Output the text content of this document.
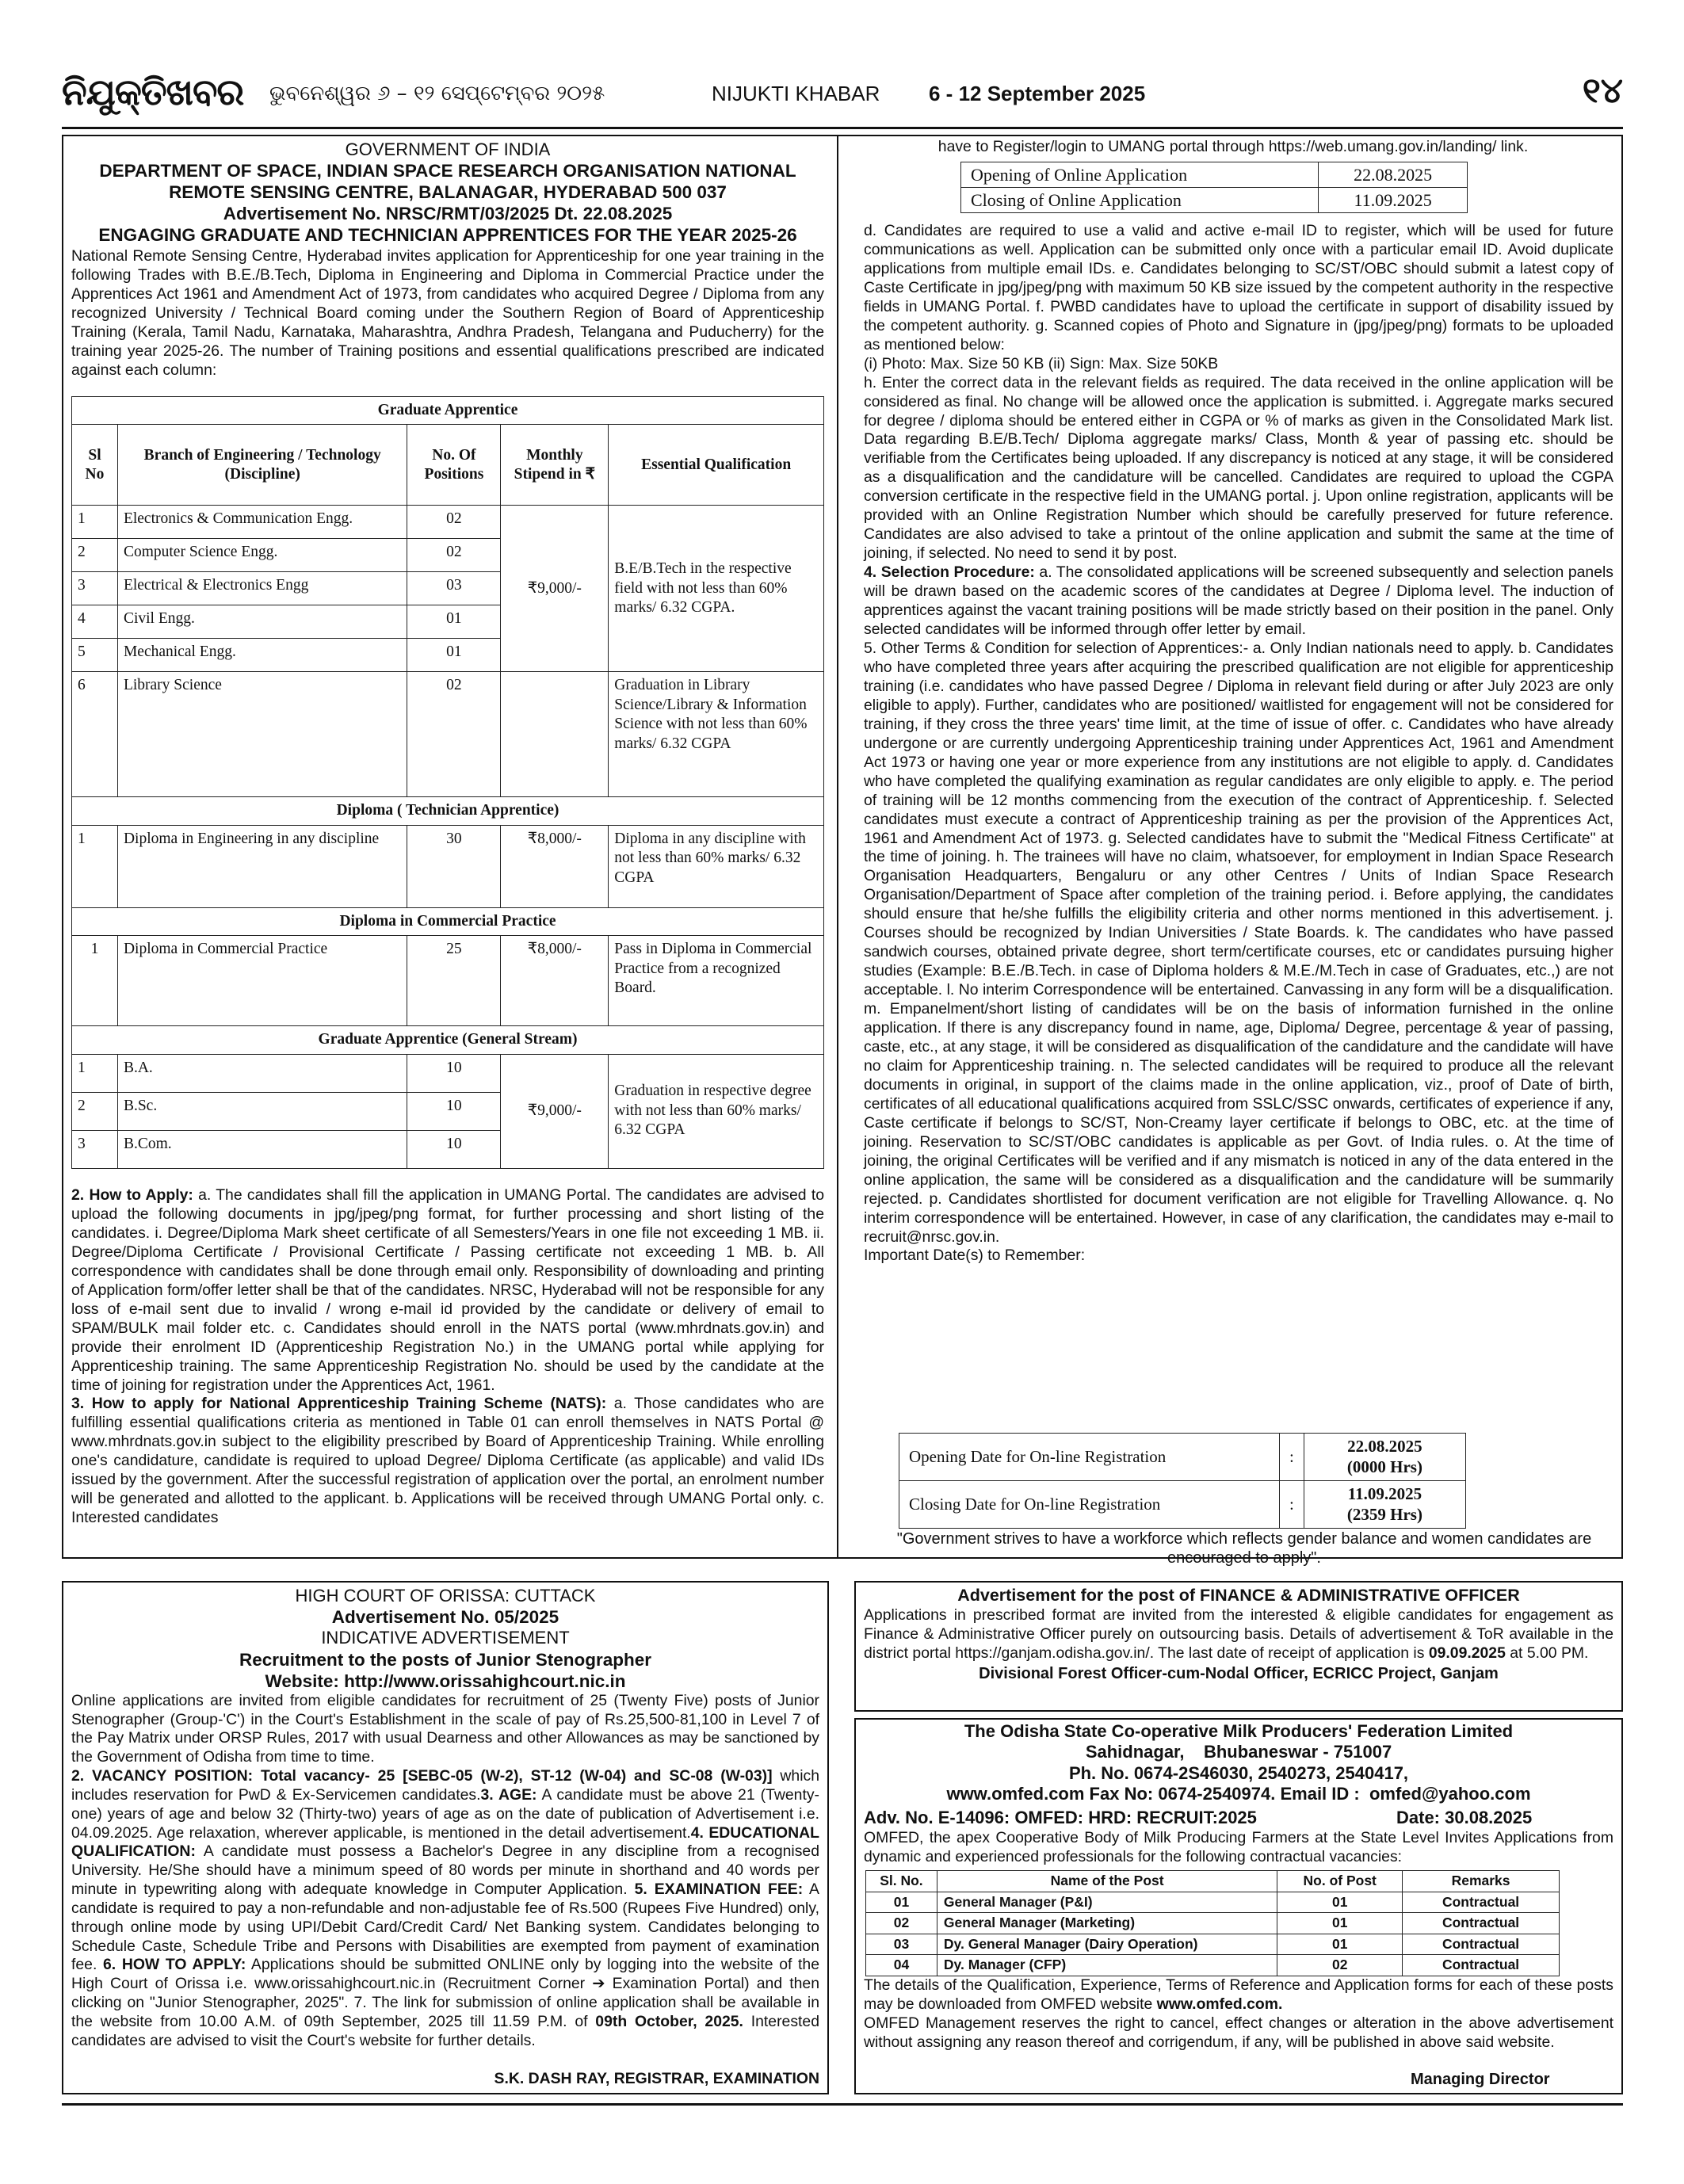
ନିଯୁକ୍ତିଖବର ଭୁବନେଶ୍ୱର ୬ – ୧୨ ସେପ୍ଟେମ୍ବର ୨୦୨୫	NIJUKTI KHABAR 6 - 12 September 2025	୧୪
GOVERNMENT OF INDIA
DEPARTMENT OF SPACE, INDIAN SPACE RESEARCH ORGANISATION NATIONAL
REMOTE SENSING CENTRE, BALANAGAR, HYDERABAD 500 037
Advertisement No. NRSC/RMT/03/2025 Dt. 22.08.2025
ENGAGING GRADUATE AND TECHNICIAN APPRENTICES FOR THE YEAR 2025-26

National Remote Sensing Centre, Hyderabad invites application for Apprenticeship for one year training in the following Trades with B.E./B.Tech, Diploma in Engineering and Diploma in Commercial Practice under the Apprentices Act 1961 and Amendment Act of 1973, from candidates who acquired Degree / Diploma from any recognized University / Technical Board coming under the Southern Region of Board of Apprenticeship Training (Kerala, Tamil Nadu, Karnataka, Maharashtra, Andhra Pradesh, Telangana and Puducherry) for the training year 2025-26. The number of Training positions and essential qualifications prescribed are indicated against each column:

Graduate Apprentice				
Sl No	Branch of Engineering / Technology (Discipline)	No. Of Positions	Monthly Stipend in ₹	Essential Qualification
1	Electronics & Communication Engg.	02	₹9,000/-	B.E/B.Tech in the respective field with not less than 60% marks/ 6.32 CGPA.
2	Computer Science Engg.	02		
3	Electrical & Electronics Engg	03		
4	Civil Engg.	01		
5	Mechanical Engg.	01		
6	Library Science	02		Graduation in Library Science/Library & Information Science with not less than 60% marks/ 6.32 CGPA
Diploma ( Technician Apprentice)				
1	Diploma in Engineering in any discipline	30	₹8,000/-	Diploma in any discipline with not less than 60% marks/ 6.32 CGPA
Diploma in Commercial Practice				
1	Diploma in Commercial Practice	25	₹8,000/-	Pass in Diploma in Commercial Practice from a recognized Board.
Graduate Apprentice (General Stream)				
1	B.A.	10	₹9,000/-	Graduation in respective degree with not less than 60% marks/ 6.32 CGPA
2	B.Sc.	10		
3	B.Com.	10		

2. How to Apply: a. The candidates shall fill the application in UMANG Portal. The candidates are advised to upload the following documents in jpg/jpeg/png format, for further processing and short listing of the candidates. i. Degree/Diploma Mark sheet certificate of all Semesters/Years in one file not exceeding 1 MB. ii. Degree/Diploma Certificate / Provisional Certificate / Passing certificate not exceeding 1 MB. b. All correspondence with candidates shall be done through email only. Responsibility of downloading and printing of Application form/offer letter shall be that of the candidates. NRSC, Hyderabad will not be responsible for any loss of e-mail sent due to invalid / wrong e-mail id provided by the candidate or delivery of email to SPAM/BULK mail folder etc. c. Candidates should enroll in the NATS portal (www.mhrdnats.gov.in) and provide their enrolment ID (Apprenticeship Registration No.) in the UMANG portal while applying for Apprenticeship training. The same Apprenticeship Registration No. should be used by the candidate at the time of joining for registration under the Apprentices Act, 1961.

3. How to apply for National Apprenticeship Training Scheme (NATS): a. Those candidates who are fulfilling essential qualifications criteria as mentioned in Table 01 can enroll themselves in NATS Portal @ www.mhrdnats.gov.in subject to the eligibility prescribed by Board of Apprenticeship Training. While enrolling one's candidature, candidate is required to upload Degree/ Diploma Certificate (as applicable) and valid IDs issued by the government. After the successful registration of application over the portal, an enrolment number will be generated and allotted to the applicant. b. Applications will be received through UMANG Portal only. c. Interested candidates

have to Register/login to UMANG portal through https://web.umang.gov.in/landing/ link.
Opening of Online Application	22.08.2025
Closing of Online Application	11.09.2025

d. Candidates are required to use a valid and active e-mail ID to register, which will be used for future communications as well. Application can be submitted only once with a particular email ID. Avoid duplicate applications from multiple email IDs. e. Candidates belonging to SC/ST/OBC should submit a latest copy of Caste Certificate in jpg/jpeg/png with maximum 50 KB size issued by the competent authority in the respective fields in UMANG Portal. f. PWBD candidates have to upload the certificate in support of disability issued by the competent authority. g. Scanned copies of Photo and Signature in (jpg/jpeg/png) formats to be uploaded as mentioned below:

(i) Photo: Max. Size 50 KB (ii) Sign: Max. Size 50KB

h. Enter the correct data in the relevant fields as required. The data received in the online application will be considered as final. No change will be allowed once the application is submitted. i. Aggregate marks secured for degree / diploma should be entered either in CGPA or % of marks as given in the Consolidated Mark list. Data regarding B.E/B.Tech/ Diploma aggregate marks/ Class, Month & year of passing etc. should be verifiable from the Certificates being uploaded. If any discrepancy is noticed at any stage, it will be considered as a disqualification and the candidature will be cancelled. Candidates are required to upload the CGPA conversion certificate in the respective field in the UMANG portal. j. Upon online registration, applicants will be provided with an Online Registration Number which should be carefully preserved for future reference. Candidates are also advised to take a printout of the online application and submit the same at the time of joining, if selected. No need to send it by post.

4. Selection Procedure: a. The consolidated applications will be screened subsequently and selection panels will be drawn based on the academic scores of the candidates at Degree / Diploma level. The induction of apprentices against the vacant training positions will be made strictly based on their position in the panel. Only selected candidates will be informed through offer letter by email.

5. Other Terms & Condition for selection of Apprentices:- a. Only Indian nationals need to apply. b. Candidates who have completed three years after acquiring the prescribed qualification are not eligible for apprenticeship training (i.e. candidates who have passed Degree / Diploma in relevant field during or after July 2023 are only eligible to apply). Further, candidates who are positioned/ waitlisted for engagement will not be considered for training, if they cross the three years' time limit, at the time of issue of offer. c. Candidates who have already undergone or are currently undergoing Apprenticeship training under Apprentices Act, 1961 and Amendment Act 1973 or having one year or more experience from any institutions are not eligible to apply. d. Candidates who have completed the qualifying examination as regular candidates are only eligible to apply. e. The period of training will be 12 months commencing from the execution of the contract of Apprenticeship. f. Selected candidates must execute a contract of Apprenticeship training as per the provision of the Apprentices Act, 1961 and Amendment Act of 1973. g. Selected candidates have to submit the "Medical Fitness Certificate" at the time of joining. h. The trainees will have no claim, whatsoever, for employment in Indian Space Research Organisation Headquarters, Bengaluru or any other Centres / Units of Indian Space Research Organisation/Department of Space after completion of the training period. i. Before applying, the candidates should ensure that he/she fulfills the eligibility criteria and other norms mentioned in this advertisement. j. Courses should be recognized by Indian Universities / State Boards. k. The candidates who have passed sandwich courses, obtained private degree, short term/certificate courses, etc or candidates pursuing higher studies (Example: B.E./B.Tech. in case of Diploma holders & M.E./M.Tech in case of Graduates, etc.,) are not acceptable. l. No interim Correspondence will be entertained. Canvassing in any form will be a disqualification. m. Empanelment/short listing of candidates will be on the basis of information furnished in the online application. If there is any discrepancy found in name, age, Diploma/ Degree, percentage & year of passing, caste, etc., at any stage, it will be considered as disqualification of the candidature and the candidate will have no claim for Apprenticeship training. n. The selected candidates will be required to produce all the relevant documents in original, in support of the claims made in the online application, viz., proof of Date of birth, certificates of all educational qualifications acquired from SSLC/SSC onwards, certificates of experience if any, Caste certificate if belongs to SC/ST, Non-Creamy layer certificate if belongs to OBC, etc. at the time of joining. Reservation to SC/ST/OBC candidates is applicable as per Govt. of India rules. o. At the time of joining, the original Certificates will be verified and if any mismatch is noticed in any of the data entered in the online application, the same will be considered as a disqualification and the candidature will be summarily rejected. p. Candidates shortlisted for document verification are not eligible for Travelling Allowance. q. No interim correspondence will be entertained. However, in case of any clarification, the candidates may e-mail to recruit@nrsc.gov.in.

Important Date(s) to Remember:

Opening Date for On-line Registration	:	22.08.2025
(0000 Hrs)

Closing Date for On-line Registration	:	11.09.2025
(2359 Hrs)
"Government strives to have a workforce which reflects gender balance and women candidates are encouraged to apply".
HIGH COURT OF ORISSA: CUTTACK
Advertisement No. 05/2025
INDICATIVE ADVERTISEMENT
Recruitment to the posts of Junior Stenographer
Website: http://www.orissahighcourt.nic.in

Online applications are invited from eligible candidates for recruitment of 25 (Twenty Five) posts of Junior Stenographer (Group-'C') in the Court's Establishment in the scale of pay of Rs.25,500-81,100 in Level 7 of the Pay Matrix under ORSP Rules, 2017 with usual Dearness and other Allowances as may be sanctioned by the Government of Odisha from time to time.

2. VACANCY POSITION: Total vacancy- 25 [SEBC-05 (W-2), ST-12 (W-04) and SC-08 (W-03)] which includes reservation for PwD & Ex-Servicemen candidates.3. AGE: A candidate must be above 21 (Twenty-one) years of age and below 32 (Thirty-two) years of age as on the date of publication of Advertisement i.e. 04.09.2025. Age relaxation, wherever applicable, is mentioned in the detail advertisement.4. EDUCATIONAL QUALIFICATION: A candidate must possess a Bachelor's Degree in any discipline from a recognised University. He/She should have a minimum speed of 80 words per minute in shorthand and 40 words per minute in typewriting along with adequate knowledge in Computer Application. 5. EXAMINATION FEE: A candidate is required to pay a non-refundable and non-adjustable fee of Rs.500 (Rupees Five Hundred) only, through online mode by using UPI/Debit Card/Credit Card/ Net Banking system. Candidates belonging to Schedule Caste, Schedule Tribe and Persons with Disabilities are exempted from payment of examination fee. 6. HOW TO APPLY: Applications should be submitted ONLINE only by logging into the website of the High Court of Orissa i.e. www.orissahighcourt.nic.in (Recruitment Corner ➔ Examination Portal) and then clicking on "Junior Stenographer, 2025". 7. The link for submission of online application shall be available in the website from 10.00 A.M. of 09th September, 2025 till 11.59 P.M. of 09th October, 2025. Interested candidates are advised to visit the Court's website for further details.

S.K. DASH RAY, REGISTRAR, EXAMINATION
Advertisement for the post of FINANCE & ADMINISTRATIVE OFFICER

Applications in prescribed format are invited from the interested & eligible candidates for engagement as Finance & Administrative Officer purely on outsourcing basis. Details of advertisement & ToR available in the district portal https://ganjam.odisha.gov.in/. The last date of receipt of application is 09.09.2025 at 5.00 PM.

Divisional Forest Officer-cum-Nodal Officer, ECRICC Project, Ganjam
The Odisha State Co-operative Milk Producers' Federation Limited
Sahidnagar,    Bhubaneswar - 751007
Ph. No. 0674-2S46030, 2540273, 2540417,
www.omfed.com Fax No: 0674-2540974. Email ID :  omfed@yahoo.com
Adv. No. E-14096: OMFED: HRD: RECRUIT:2025	Date: 30.08.2025

OMFED, the apex Cooperative Body of Milk Producing Farmers at the State Level Invites Applications from dynamic and experienced professionals for the following contractual vacancies:

Sl. No.	Name of the Post	No. of Post	Remarks
01	General Manager (P&I)	01	Contractual
02	General Manager (Marketing)	01	Contractual
03	Dy. General Manager (Dairy Operation)	01	Contractual
04	Dy. Manager (CFP)	02	Contractual

The details of the Qualification, Experience, Terms of Reference and Application forms for each of these posts may be downloaded from OMFED website www.omfed.com.

OMFED Management reserves the right to cancel, effect changes or alteration in the above advertisement without assigning any reason thereof and corrigendum, if any, will be published in above said website.

Managing Director
